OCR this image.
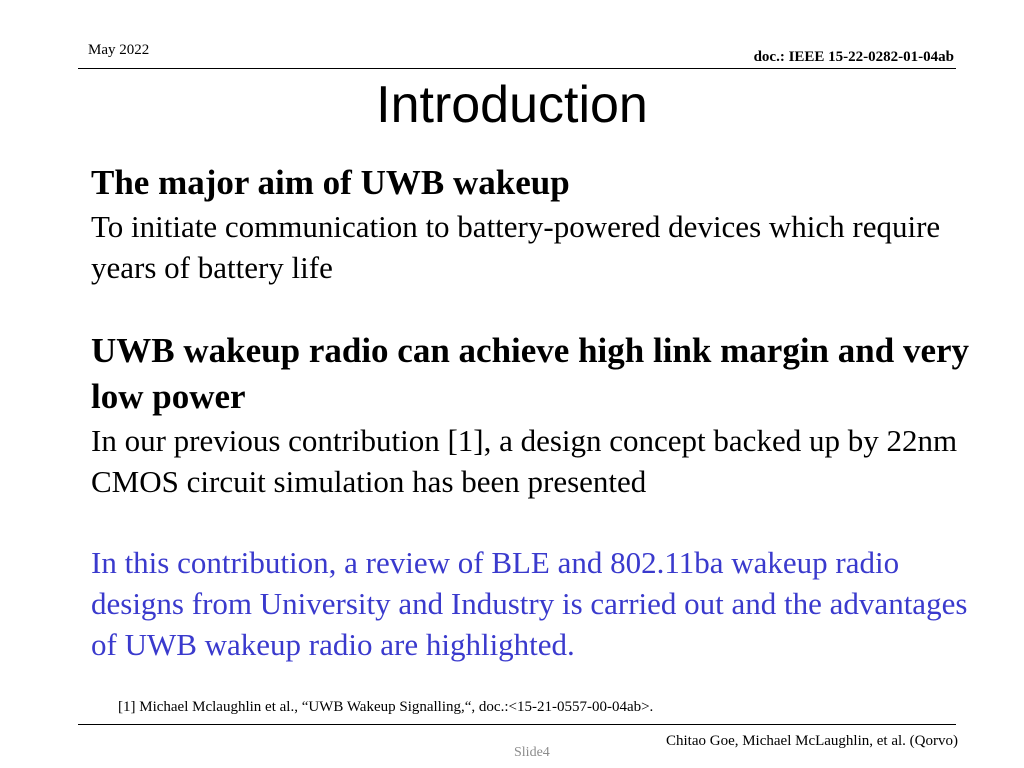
May 2022	doc.: IEEE 15-22-0282-01-04ab
Introduction

The major aim of UWB wakeup

To initiate communication to battery-powered devices which require years of battery life

UWB wakeup radio can achieve high link margin and very low power

In our previous contribution [1], a design concept backed up by 22nm CMOS circuit simulation has been presented

In this contribution, a review of BLE and 802.11ba wakeup radio designs from University and Industry is carried out and the advantages of UWB wakeup radio are highlighted.

[1] Michael Mclaughlin et al., “UWB Wakeup Signalling,“, doc.:<15-21-0557-00-04ab>.
Chitao Goe, Michael McLaughlin, et al. (Qorvo)
Slide4
